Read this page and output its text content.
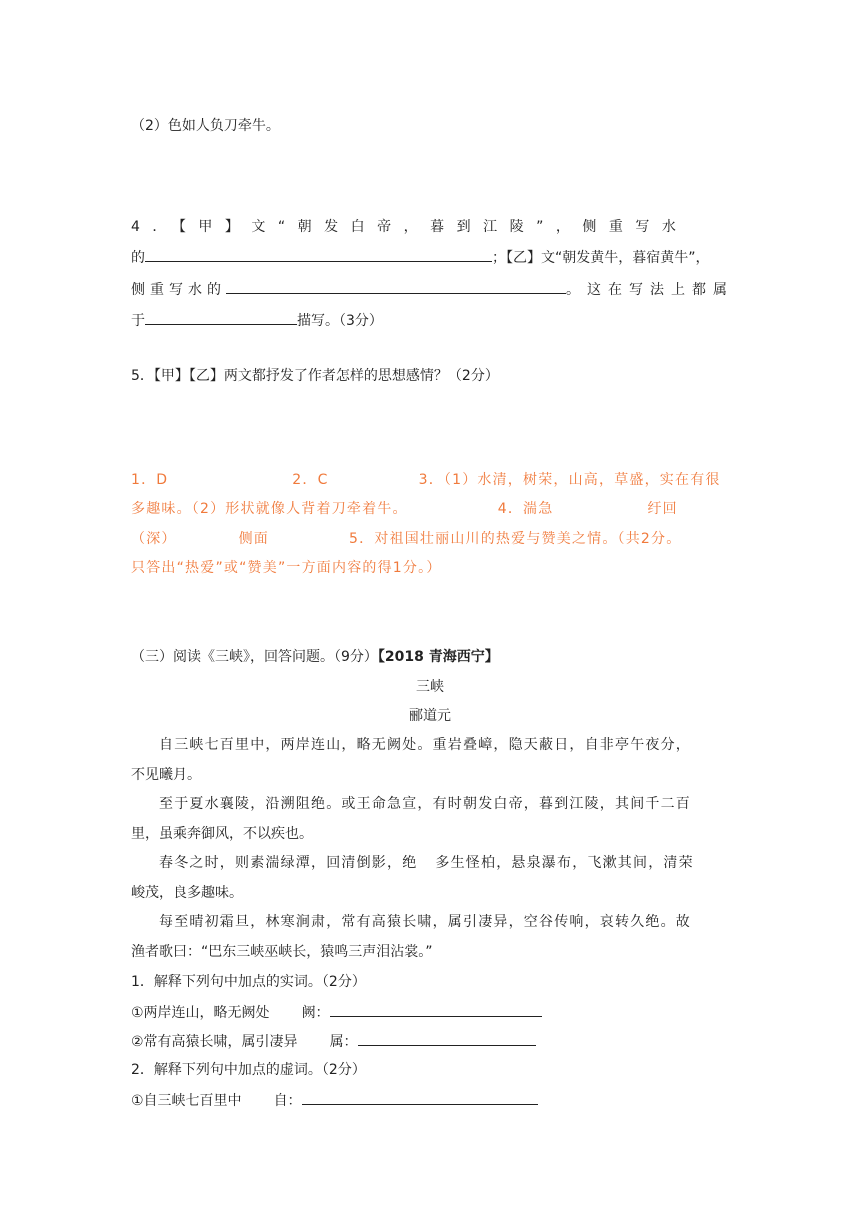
（2）色如人负刀牵牛。
4．【甲】文“朝发白帝，暮到江陵”，侧重写水
的	；【乙】文“朝发黄牛，暮宿黄牛”，
侧重写水的	。这在写法上都属
于	描写。（3分）
5．【甲】【乙】两文都抒发了作者怎样的思想感情？（2分）
1．D	2．C	3．（1）水清，树荣，山高，草盛，实在有很
多趣味。（2）形状就像人背着刀牵着牛。	4．湍急	纡回
（深）	侧面	5．对祖国壮丽山川的热爱与赞美之情。（共2分。
只答出“热爱”或“赞美”一方面内容的得1分。）
（三）阅读《三峡》，回答问题。（9分）【2018 青海西宁】
三峡
郦道元
自三峡七百里中，两岸连山，略无阙处。重岩叠嶂，隐天蔽日，自非亭午夜分，
不见曦月。
至于夏水襄陵，沿溯阻绝。或王命急宣，有时朝发白帝，暮到江陵，其间千二百
里，虽乘奔御风，不以疾也。
春冬之时，则素湍绿潭，回清倒影，绝 多生怪柏，悬泉瀑布，飞漱其间，清荣
峻茂，良多趣味。
每至晴初霜旦，林寒涧肃，常有高猿长啸，属引凄异，空谷传响，哀转久绝。故
渔者歌曰：“巴东三峡巫峡长，猿鸣三声泪沾裳。”
1．解释下列句中加点的实词。（2分）
①两岸连山，略无阙处 阙：
②常有高猿长啸，属引凄异 属：
2．解释下列句中加点的虚词。（2分）
①自三峡七百里中 自：
